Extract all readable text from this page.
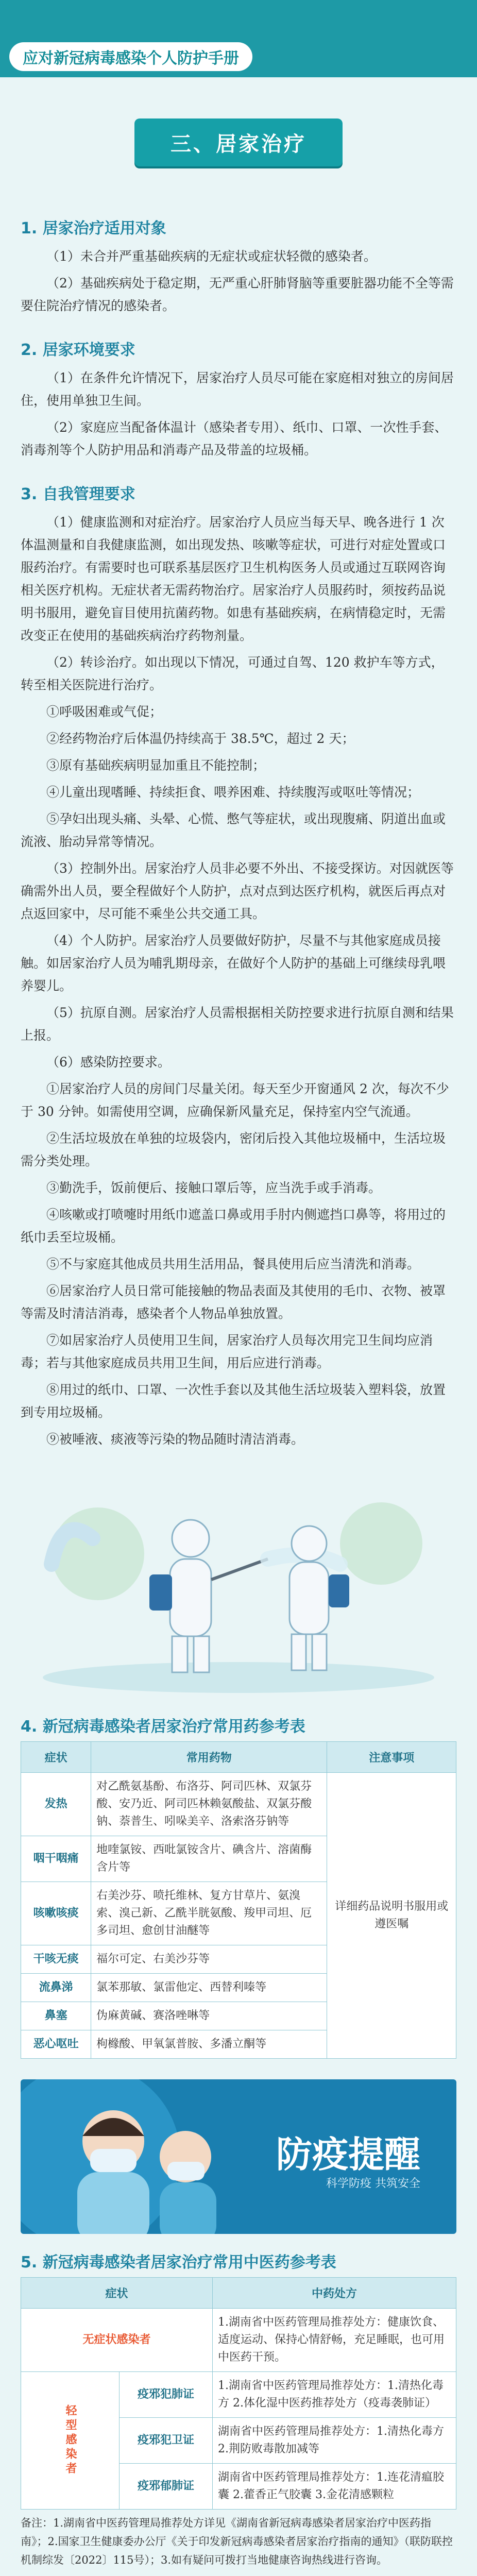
应对新冠病毒感染个人防护手册
三、居家治疗
1. 居家治疗适用对象

（1）未合并严重基础疾病的无症状或症状轻微的感染者。

（2）基础疾病处于稳定期，无严重心肝肺肾脑等重要脏器功能不全等需要住院治疗情况的感染者。

2. 居家环境要求

（1）在条件允许情况下，居家治疗人员尽可能在家庭相对独立的房间居住，使用单独卫生间。

（2）家庭应当配备体温计（感染者专用）、纸巾、口罩、一次性手套、消毒剂等个人防护用品和消毒产品及带盖的垃圾桶。

3. 自我管理要求

（1）健康监测和对症治疗。居家治疗人员应当每天早、晚各进行 1 次体温测量和自我健康监测，如出现发热、咳嗽等症状，可进行对症处置或口服药治疗。有需要时也可联系基层医疗卫生机构医务人员或通过互联网咨询相关医疗机构。无症状者无需药物治疗。居家治疗人员服药时，须按药品说明书服用，避免盲目使用抗菌药物。如患有基础疾病，在病情稳定时，无需改变正在使用的基础疾病治疗药物剂量。

（2）转诊治疗。如出现以下情况，可通过自驾、120 救护车等方式，转至相关医院进行治疗。

①呼吸困难或气促；

②经药物治疗后体温仍持续高于 38.5℃，超过 2 天；

③原有基础疾病明显加重且不能控制；

④儿童出现嗜睡、持续拒食、喂养困难、持续腹泻或呕吐等情况；

⑤孕妇出现头痛、头晕、心慌、憋气等症状，或出现腹痛、阴道出血或流液、胎动异常等情况。

（3）控制外出。居家治疗人员非必要不外出、不接受探访。对因就医等确需外出人员，要全程做好个人防护，点对点到达医疗机构，就医后再点对点返回家中，尽可能不乘坐公共交通工具。

（4）个人防护。居家治疗人员要做好防护，尽量不与其他家庭成员接触。如居家治疗人员为哺乳期母亲，在做好个人防护的基础上可继续母乳喂养婴儿。

（5）抗原自测。居家治疗人员需根据相关防控要求进行抗原自测和结果上报。

（6）感染防控要求。

①居家治疗人员的房间门尽量关闭。每天至少开窗通风 2 次，每次不少于 30 分钟。如需使用空调，应确保新风量充足，保持室内空气流通。

②生活垃圾放在单独的垃圾袋内，密闭后投入其他垃圾桶中，生活垃圾需分类处理。

③勤洗手，饭前便后、接触口罩后等，应当洗手或手消毒。

④咳嗽或打喷嚏时用纸巾遮盖口鼻或用手肘内侧遮挡口鼻等，将用过的纸巾丢至垃圾桶。

⑤不与家庭其他成员共用生活用品，餐具使用后应当清洗和消毒。

⑥居家治疗人员日常可能接触的物品表面及其使用的毛巾、衣物、被罩等需及时清洁消毒，感染者个人物品单独放置。

⑦如居家治疗人员使用卫生间，居家治疗人员每次用完卫生间均应消毒；若与其他家庭成员共用卫生间，用后应进行消毒。

⑧用过的纸巾、口罩、一次性手套以及其他生活垃圾装入塑料袋，放置到专用垃圾桶。

⑨被唾液、痰液等污染的物品随时清洁消毒。

4. 新冠病毒感染者居家治疗常用药参考表
症状	常用药物	注意事项
发热	对乙酰氨基酚、布洛芬、阿司匹林、双氯芬酸、安乃近、阿司匹林赖氨酸盐、双氯芬酸钠、萘普生、吲哚美辛、洛索洛芬钠等	详细药品说明书服用或遵医嘱
咽干咽痛	地喹氯铵、西吡氯铵含片、碘含片、溶菌酶含片等	
咳嗽咳痰	右美沙芬、喷托维林、复方甘草片、氨溴索、溴己新、乙酰半胱氨酸、羧甲司坦、厄多司坦、愈创甘油醚等	
干咳无痰	福尔可定、右美沙芬等	
流鼻涕	氯苯那敏、氯雷他定、西替利嗪等	
鼻塞	伪麻黄碱、赛洛唑啉等	
恶心呕吐	枸橼酸、甲氧氯普胺、多潘立酮等	
防疫提醒
科学防疫 共筑安全
5. 新冠病毒感染者居家治疗常用中医药参考表
症状		中药处方
无症状感染者		1.湖南省中医药管理局推荐处方：健康饮食、适度运动、保持心情舒畅，充足睡眠，也可用中医药干预。
轻型感染者	疫邪犯肺证	1.湖南省中医药管理局推荐处方：1.清热化毒方 2.体化湿中医药推荐处方（疫毒袭肺证）
	疫邪犯卫证	湖南省中医药管理局推荐处方：1.清热化毒方 2.荆防败毒散加减等
	疫邪郁肺证	湖南省中医药管理局推荐处方：1.连花清瘟胶囊 2.藿香正气胶囊 3.金花清感颗粒

备注：1.湖南省中医药管理局推荐处方详见《湖南省新冠病毒感染者居家治疗中医药指南》；2.国家卫生健康委办公厅《关于印发新冠病毒感染者居家治疗指南的通知》（联防联控机制综发〔2022〕115号）；3.如有疑问可拨打当地健康咨询热线进行咨询。
